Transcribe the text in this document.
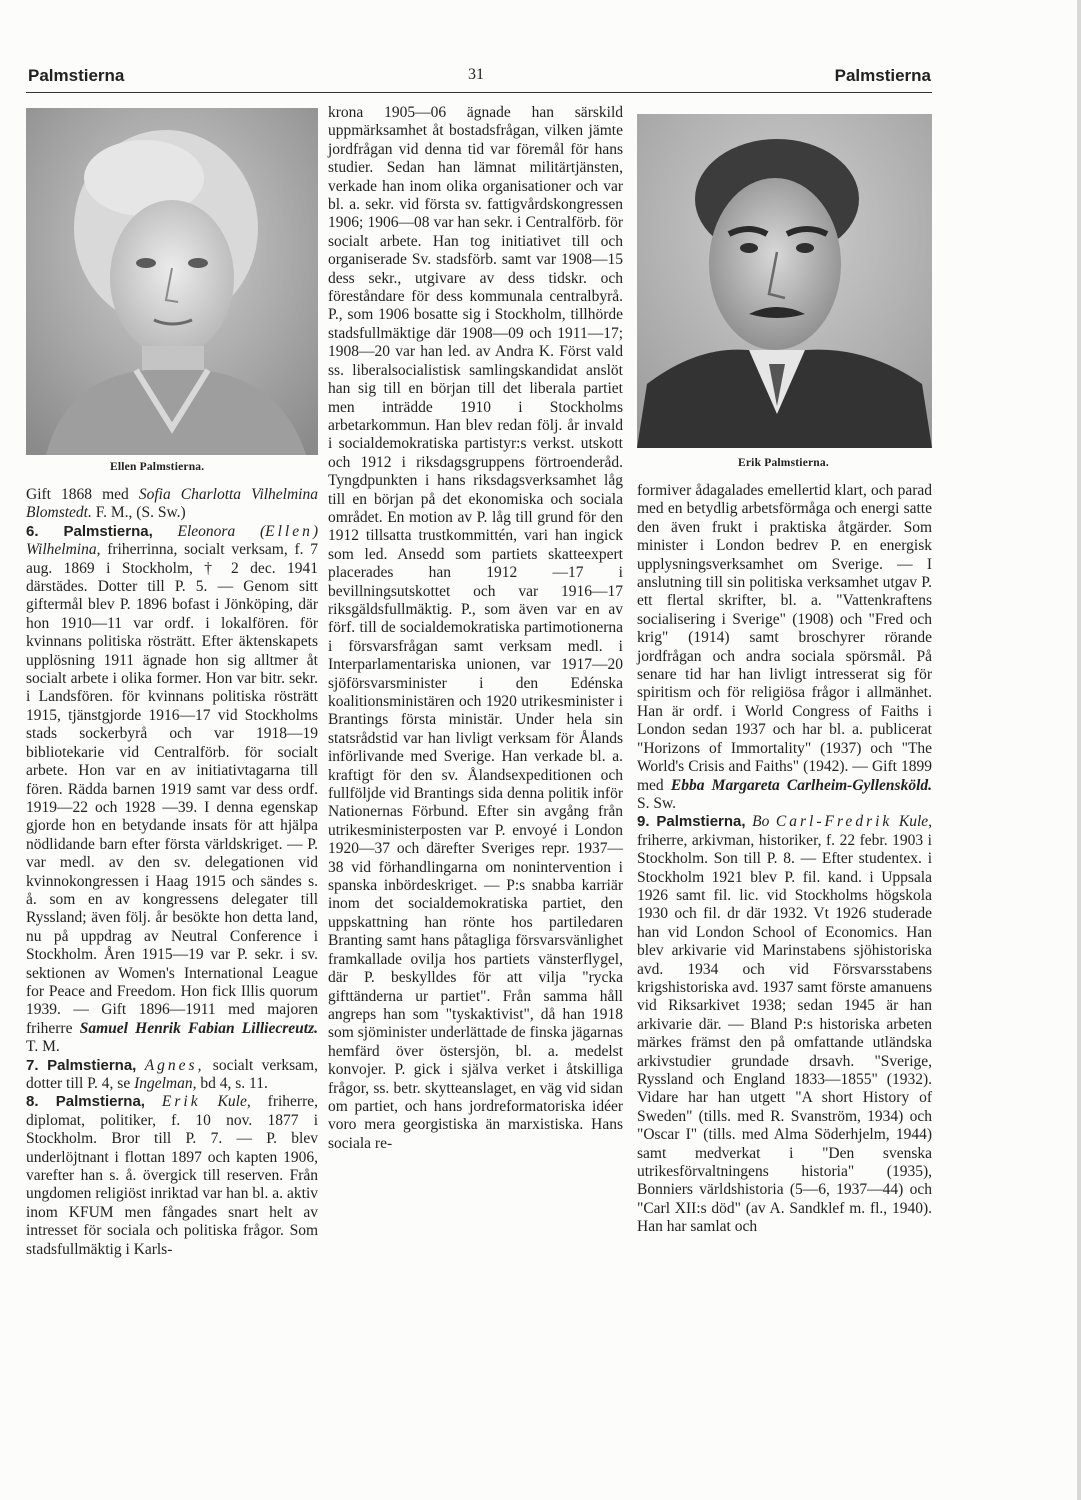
Palmstierna	31	Palmstierna
Ellen Palmstierna.	Erik Palmstierna.

Gift 1868 med Sofia Charlotta Vilhelmina Blomstedt. F. M., (S. Sw.)

6. Palmstierna, Eleonora (Ellen) Wilhelmina, friherrinna, socialt verksam, f. 7 aug. 1869 i Stockholm, † 2 dec. 1941 därstädes. Dotter till P. 5. — Genom sitt giftermål blev P. 1896 bofast i Jönköping, där hon 1910—11 var ordf. i lokalfören. för kvinnans politiska rösträtt. Efter äktenskapets upplösning 1911 ägnade hon sig alltmer åt socialt arbete i olika former. Hon var bitr. sekr. i Landsfören. för kvinnans politiska rösträtt 1915, tjänstgjorde 1916—17 vid Stockholms stads sockerbyrå och var 1918—19 bibliotekarie vid Centralförb. för socialt arbete. Hon var en av initiativtagarna till fören. Rädda barnen 1919 samt var dess ordf. 1919—22 och 1928 —39. I denna egenskap gjorde hon en betydande insats för att hjälpa nödlidande barn efter första världskriget. — P. var medl. av den sv. delegationen vid kvinnokongressen i Haag 1915 och sändes s. å. som en av kongressens delegater till Ryssland; även följ. år besökte hon detta land, nu på uppdrag av Neutral Conference i Stockholm. Åren 1915—19 var P. sekr. i sv. sektionen av Women's International League for Peace and Freedom. Hon fick Illis quorum 1939. — Gift 1896—1911 med majoren friherre Samuel Henrik Fabian Lilliecreutz. T. M.

7. Palmstierna, Agnes, socialt verksam, dotter till P. 4, se Ingelman, bd 4, s. 11.

8. Palmstierna, Erik Kule, friherre, diplomat, politiker, f. 10 nov. 1877 i Stockholm. Bror till P. 7. — P. blev underlöjtnant i flottan 1897 och kapten 1906, varefter han s. å. övergick till reserven. Från ungdomen religiöst inriktad var han bl. a. aktiv inom KFUM men fångades snart helt av intresset för sociala och politiska frågor. Som stadsfullmäktig i Karls-

krona 1905—06 ägnade han särskild uppmärksamhet åt bostadsfrågan, vilken jämte jordfrågan vid denna tid var föremål för hans studier. Sedan han lämnat militärtjänsten, verkade han inom olika organisationer och var bl. a. sekr. vid första sv. fattigvårdskongressen 1906; 1906—08 var han sekr. i Centralförb. för socialt arbete. Han tog initiativet till och organiserade Sv. stadsförb. samt var 1908—15 dess sekr., utgivare av dess tidskr. och föreståndare för dess kommunala centralbyrå. P., som 1906 bosatte sig i Stockholm, tillhörde stadsfullmäktige där 1908—09 och 1911—17; 1908—20 var han led. av Andra K. Först vald ss. liberalsocialistisk samlingskandidat anslöt han sig till en början till det liberala partiet men inträdde 1910 i Stockholms arbetarkommun. Han blev redan följ. år invald i socialdemokratiska partistyr:s verkst. utskott och 1912 i riksdagsgruppens förtroenderåd. Tyngdpunkten i hans riksdagsverksamhet låg till en början på det ekonomiska och sociala området. En motion av P. låg till grund för den 1912 tillsatta trustkommittén, vari han ingick som led. Ansedd som partiets skatteexpert placerades han 1912 —17 i bevillningsutskottet och var 1916—17 riksgäldsfullmäktig. P., som även var en av förf. till de socialdemokratiska partimotionerna i försvarsfrågan samt verksam medl. i Interparlamentariska unionen, var 1917—20 sjöförsvarsminister i den Edénska koalitionsministären och 1920 utrikesminister i Brantings första ministär. Under hela sin statsrådstid var han livligt verksam för Ålands införlivande med Sverige. Han verkade bl. a. kraftigt för den sv. Ålandsexpeditionen och fullföljde vid Brantings sida denna politik inför Nationernas Förbund. Efter sin avgång från utrikesministerposten var P. envoyé i London 1920—37 och därefter Sveriges repr. 1937—38 vid förhandlingarna om nonintervention i spanska inbördeskriget. — P:s snabba karriär inom det socialdemokratiska partiet, den uppskattning han rönte hos partiledaren Branting samt hans påtagliga försvarsvänlighet framkallade ovilja hos partiets vänsterflygel, där P. beskylldes för att vilja "rycka gifttänderna ur partiet". Från samma håll angreps han som "tyskaktivist", då han 1918 som sjöminister underlättade de finska jägarnas hemfärd över östersjön, bl. a. medelst konvojer. P. gick i själva verket i åtskilliga frågor, ss. betr. skytteanslaget, en väg vid sidan om partiet, och hans jordreformatoriska idéer voro mera georgistiska än marxistiska. Hans sociala re-

formiver ådagalades emellertid klart, och parad med en betydlig arbetsförmåga och energi satte den även frukt i praktiska åtgärder. Som minister i London bedrev P. en energisk upplysningsverksamhet om Sverige. — I anslutning till sin politiska verksamhet utgav P. ett flertal skrifter, bl. a. "Vattenkraftens socialisering i Sverige" (1908) och "Fred och krig" (1914) samt broschyrer rörande jordfrågan och andra sociala spörsmål. På senare tid har han livligt intresserat sig för spiritism och för religiösa frågor i allmänhet. Han är ordf. i World Congress of Faiths i London sedan 1937 och har bl. a. publicerat "Horizons of Immortality" (1937) och "The World's Crisis and Faiths" (1942). — Gift 1899 med Ebba Margareta Carlheim-Gyllensköld. S. Sw.

9. Palmstierna, Bo Carl-Fredrik Kule, friherre, arkivman, historiker, f. 22 febr. 1903 i Stockholm. Son till P. 8. — Efter studentex. i Stockholm 1921 blev P. fil. kand. i Uppsala 1926 samt fil. lic. vid Stockholms högskola 1930 och fil. dr där 1932. Vt 1926 studerade han vid London School of Economics. Han blev arkivarie vid Marinstabens sjöhistoriska avd. 1934 och vid Försvarsstabens krigshistoriska avd. 1937 samt förste amanuens vid Riksarkivet 1938; sedan 1945 är han arkivarie där. — Bland P:s historiska arbeten märkes främst den på omfattande utländska arkivstudier grundade drsavh. "Sverige, Ryssland och England 1833—1855" (1932). Vidare har han utgett "A short History of Sweden" (tills. med R. Svanström, 1934) och "Oscar I" (tills. med Alma Söderhjelm, 1944) samt medverkat i "Den svenska utrikesförvaltningens historia" (1935), Bonniers världshistoria (5—6, 1937—44) och "Carl XII:s död" (av A. Sandklef m. fl., 1940). Han har samlat och
